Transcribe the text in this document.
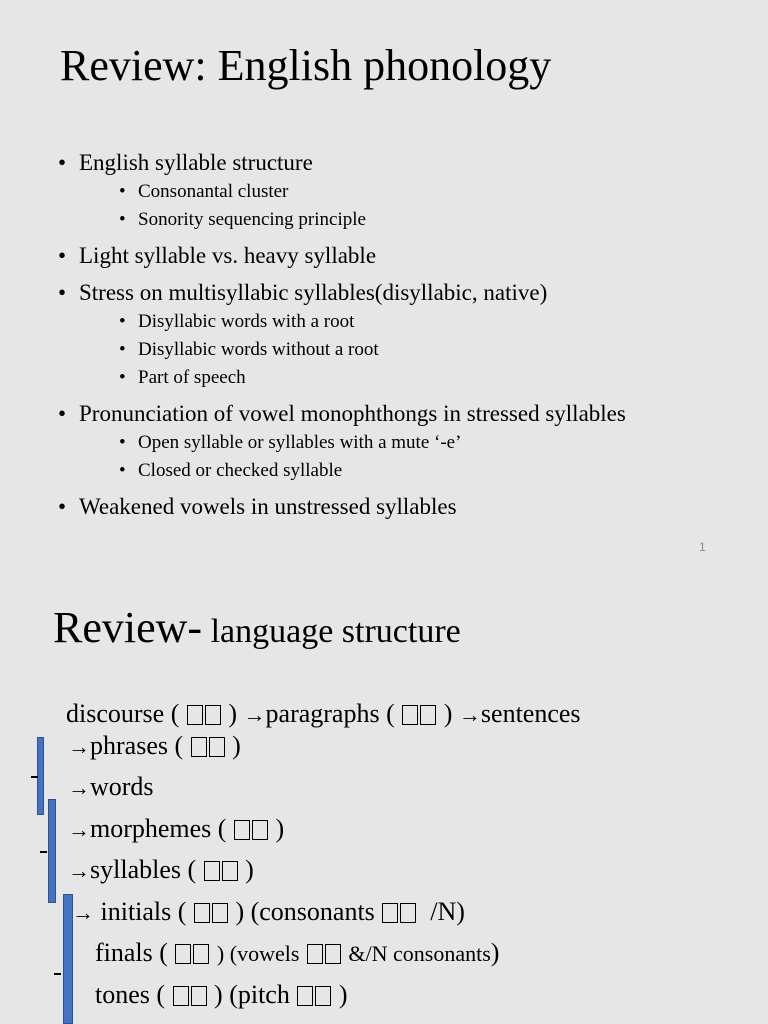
Review: English phonology
• English syllable structure
• Consonantal cluster
• Sonority sequencing principle
• Light syllable vs. heavy syllable
• Stress on multisyllabic syllables(disyllabic, native)
• Disyllabic words with a root
• Disyllabic words without a root
• Part of speech
• Pronunciation of vowel monophthongs in stressed syllables
• Open syllable or syllables with a mute ‘-e’
• Closed or checked syllable
• Weakened vowels in unstressed syllables
1
Review- language structure
discourse ( ) →paragraphs ( ) →sentences
→phrases ( )
→words
→morphemes ( )
→syllables ( )
→ initials ( ) (consonants /N)
finals ( ) (vowels &/N consonants)
tones ( ) (pitch )
